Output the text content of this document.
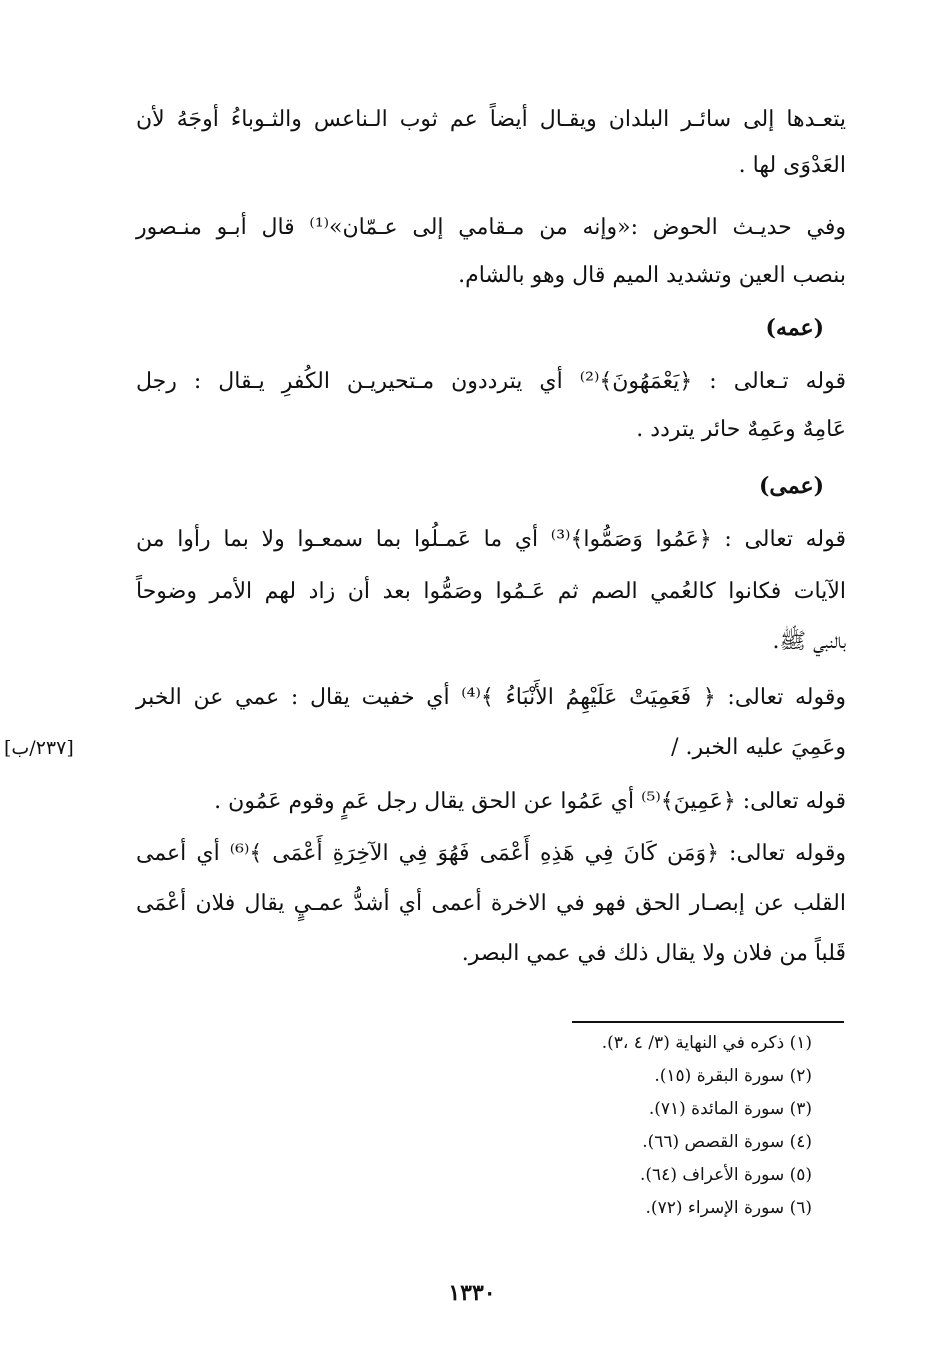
يتعـدها إلى سائـر البلدان ويقـال أيضاً عم ثوب الـناعس والثـوباءُ أوجَهُ لأن
العَدْوَى لها .
وفي حديـث الحوض :«وإنه من مـقامي إلى عـمّان»⁽¹⁾ قال أبـو منـصور
بنصب العين وتشديد الميم قال وهو بالشام.
(عمه)
قوله تـعالى : ﴿يَعْمَهُونَ﴾⁽²⁾ أي يترددون مـتحيريـن الكُفرِ يـقال : رجل
عَامِهٌ وعَمِهٌ حائر يتردد .
(عمى)
قوله تعالى : ﴿عَمُوا وَصَمُّوا﴾⁽³⁾ أي ما عَمـلُوا بما سمعـوا ولا بما رأوا من
الآيات فكانوا كالعُمي الصم ثم عَـمُوا وصَمُّوا بعد أن زاد لهم الأمر وضوحاً
بالنبي ﷺ.
وقوله تعالى: ﴿ فَعَمِيَتْ عَلَيْهِمُ الأَنْبَاءُ ﴾⁽⁴⁾ أي خفيت يقال : عمي عن الخبر
وعَمِيَ عليه الخبر. /
[٢٣٧/ب]
قوله تعالى: ﴿عَمِينَ﴾⁽⁵⁾ أي عَمُوا عن الحق يقال رجل عَمٍ وقوم عَمُون .
وقوله تعالى: ﴿وَمَن كَانَ فِي هَذِهِ أَعْمَى فَهُوَ فِي الآخِرَةِ أَعْمَى ﴾⁽⁶⁾ أي أعمى
القلب عن إبصـار الحق فهو في الاخرة أعمى أي أشدُّ عمـيٍ يقال فلان أعْمَى
قَلباً من فلان ولا يقال ذلك في عمي البصر.
(١) ذكره في النهاية (٣/ ٤ ،٣).
(٢) سورة البقرة (١٥).
(٣) سورة المائدة (٧١).
(٤) سورة القصص (٦٦).
(٥) سورة الأعراف (٦٤).
(٦) سورة الإسراء (٧٢).
١٣٣٠
